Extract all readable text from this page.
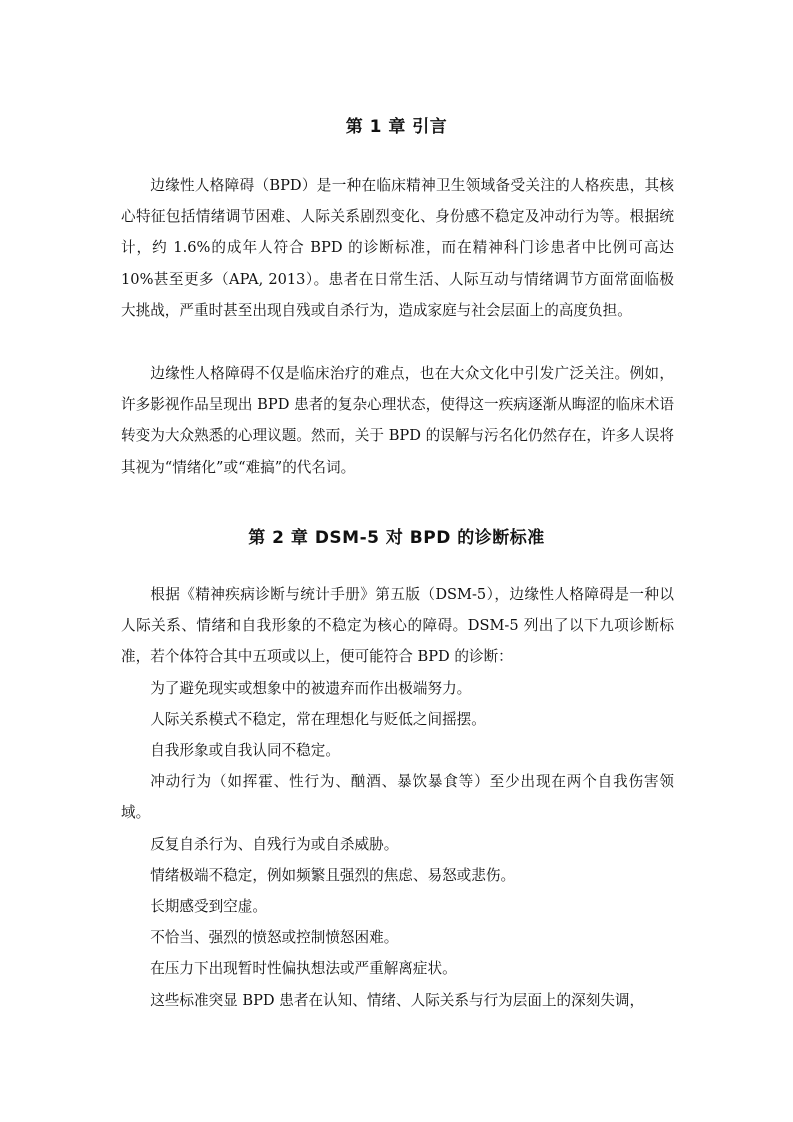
第 1 章 引言

边缘性人格障碍（BPD）是一种在临床精神卫生领域备受关注的人格疾患，其核心特征包括情绪调节困难、人际关系剧烈变化、身份感不稳定及冲动行为等。根据统计，约 1.6%的成年人符合 BPD 的诊断标准，而在精神科门诊患者中比例可高达 10%甚至更多（APA, 2013）。患者在日常生活、人际互动与情绪调节方面常面临极大挑战，严重时甚至出现自残或自杀行为，造成家庭与社会层面上的高度负担。

边缘性人格障碍不仅是临床治疗的难点，也在大众文化中引发广泛关注。例如，许多影视作品呈现出 BPD 患者的复杂心理状态，使得这一疾病逐渐从晦涩的临床术语转变为大众熟悉的心理议题。然而，关于 BPD 的误解与污名化仍然存在，许多人误将其视为“情绪化”或“难搞”的代名词。

第 2 章 DSM-5 对 BPD 的诊断标准

根据《精神疾病诊断与统计手册》第五版（DSM-5），边缘性人格障碍是一种以人际关系、情绪和自我形象的不稳定为核心的障碍。DSM-5 列出了以下九项诊断标准，若个体符合其中五项或以上，便可能符合 BPD 的诊断：

为了避免现实或想象中的被遗弃而作出极端努力。

人际关系模式不稳定，常在理想化与贬低之间摇摆。

自我形象或自我认同不稳定。

冲动行为（如挥霍、性行为、酗酒、暴饮暴食等）至少出现在两个自我伤害领域。

反复自杀行为、自残行为或自杀威胁。

情绪极端不稳定，例如频繁且强烈的焦虑、易怒或悲伤。

长期感受到空虚。

不恰当、强烈的愤怒或控制愤怒困难。

在压力下出现暂时性偏执想法或严重解离症状。

这些标准突显 BPD 患者在认知、情绪、人际关系与行为层面上的深刻失调，
